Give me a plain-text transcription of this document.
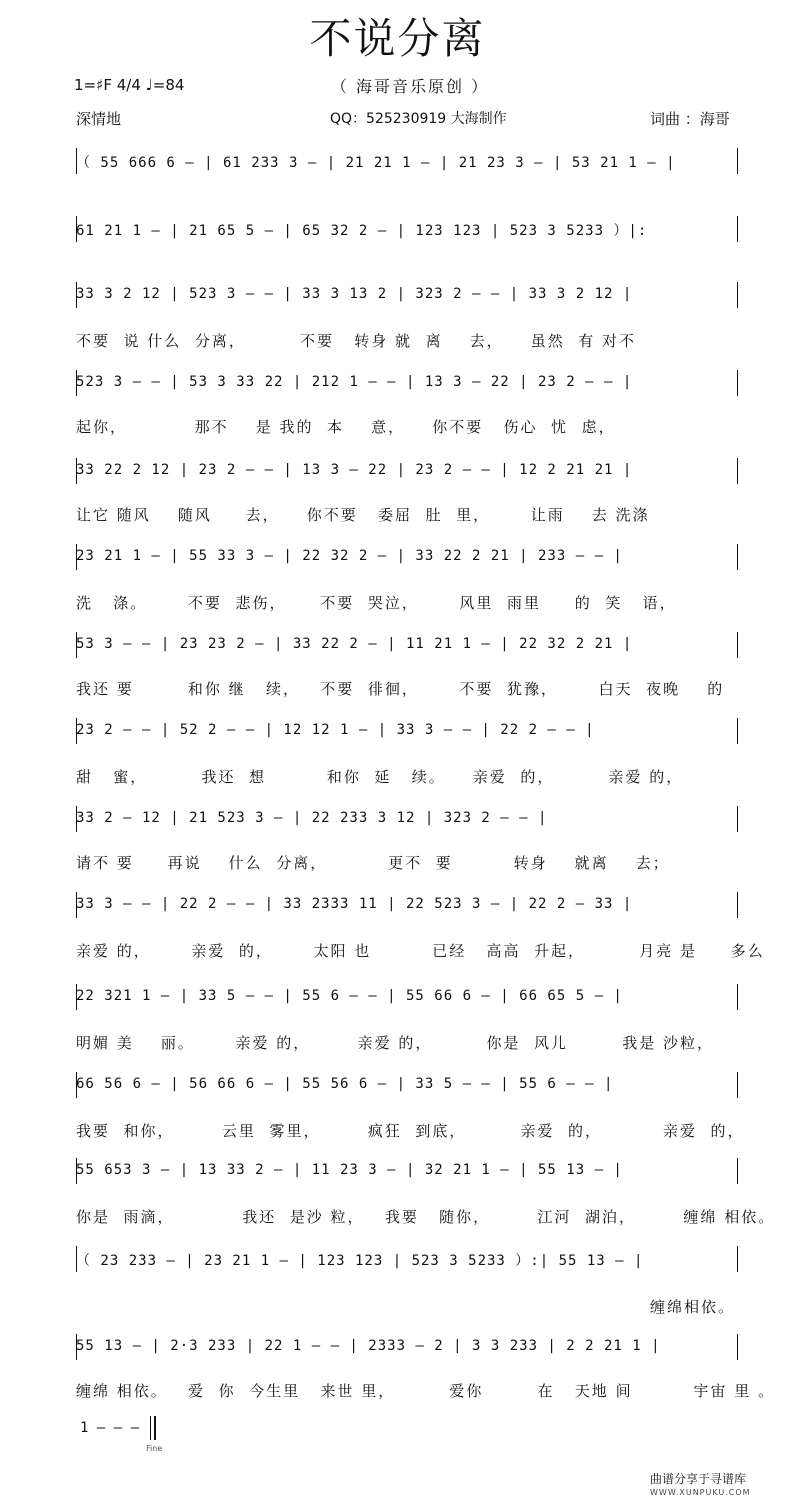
不说分离
1=♯F 4/4 ♩=84	（ 海哥音乐原创 ）
深情地	QQ：525230919 大海制作	词曲 ：海哥
（ 55 666 6 — | 61 233 3 — | 21 21 1 — | 21 23 3 — | 53 21 1 — |
61 21 1 — | 21 65 5 — | 65 32 2 — | 123 123 | 523 3 5233 ）|:
33 3 2 12 | 523 3 — — | 33 3 13 2 | 323 2 — — | 33 3 2 12 |
不要  说 什么  分离，        不要   转身 就  离    去，    虽然  有 对不
523 3 — — | 53 3 33 22 | 212 1 — — | 13 3 — 22 | 23 2 — — |
起你，          那不    是 我的  本    意，    你不要   伤心  忧  虑，
33 22 2 12 | 23 2 — — | 13 3 — 22 | 23 2 — — | 12 2 21 21 |
让它 随风    随风     去，    你不要   委屈  肚  里，      让雨    去 洗涤
23 21 1 — | 55 33 3 — | 22 32 2 — | 33 22 2 21 | 233 — — |
洗   涤。      不要  悲伤，     不要  哭泣，      风里  雨里     的  笑   语，
53 3 — — | 23 23 2 — | 33 22 2 — | 11 21 1 — | 22 32 2 21 |
我还 要        和你 继   续，   不要  徘徊，      不要  犹豫，      白天  夜晚    的
23 2 — — | 52 2 — — | 12 12 1 — | 33 3 — — | 22 2 — — |
甜   蜜，        我还  想         和你  延   续。    亲爱  的，        亲爱 的，
33 2 — 12 | 21 523 3 — | 22 233 3 12 | 323 2 — — |
请不 要     再说    什么  分离，         更不  要         转身    就离    去；
33 3 — — | 22 2 — — | 33 2333 11 | 22 523 3 — | 22 2 — 33 |
亲爱 的，      亲爱  的，      太阳 也         已经   高高  升起，        月亮 是     多么
22 321 1 — | 33 5 — — | 55 6 — — | 55 66 6 — | 66 65 5 — |
明媚 美    丽。      亲爱 的，       亲爱 的，        你是  风儿        我是 沙粒，
66 56 6 — | 56 66 6 — | 55 56 6 — | 33 5 — — | 55 6 — — |
我要  和你，       云里  雾里，       疯狂  到底，        亲爱  的，         亲爱  的，
55 653 3 — | 13 33 2 — | 11 23 3 — | 32 21 1 — | 55 13 — |
你是  雨滴，          我还  是沙 粒，   我要   随你，       江河  湖泊，       缠绵 相依。
（ 23 233 — | 23 21 1 — | 123 123 | 523 3 5233 ）:| 55 13 — |
缠绵相依。
55 13 — | 2·3 233 | 22 1 — — | 2333 — 2 | 3 3 233 | 2 2 21 1 |
缠绵 相依。   爱  你  今生里   来世 里，        爱你        在   天地 间         宇宙 里 。
1 — — —
Fine
曲谱分享于寻谱库
WWW.XUNPUKU.COM
